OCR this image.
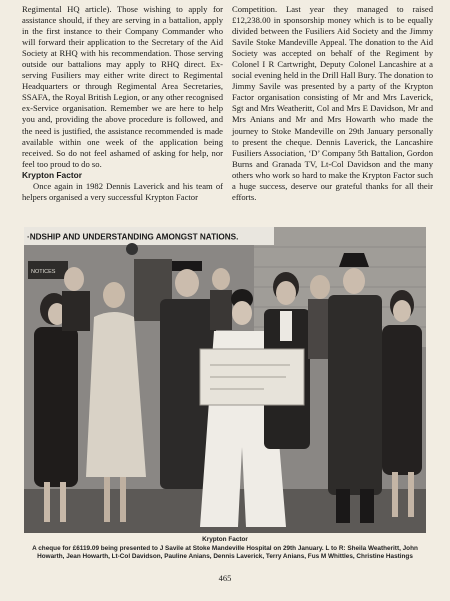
Regimental HQ article). Those wishing to apply for assistance should, if they are serving in a battalion, apply in the first instance to their Company Commander who will forward their application to the Secretary of the Aid Society at RHQ with his recommendation. Those serving outside our battalions may apply to RHQ direct. Ex-serving Fusiliers may either write direct to Regimental Headquarters or through Regimental Area Secretaries, SSAFA, the Royal British Legion, or any other recognised ex-Service organisation. Remember we are here to help you and, providing the above procedure is followed, and the need is justified, the assistance recommended is made available within one week of the application being received. So do not feel ashamed of asking for help, nor feel too proud to do so.

Krypton Factor

Once again in 1982 Dennis Laverick and his team of helpers organised a very successful Krypton Factor

Competition. Last year they managed to raised £12,238.00 in sponsorship money which is to be equally divided between the Fusiliers Aid Society and the Jimmy Savile Stoke Mandeville Appeal. The donation to the Aid Society was accepted on behalf of the Regiment by Colonel I R Cartwright, Deputy Colonel Lancashire at a social evening held in the Drill Hall Bury. The donation to Jimmy Savile was presented by a party of the Krypton Factor organisation consisting of Mr and Mrs Laverick, Sgt and Mrs Weatheritt, Col and Mrs E Davidson, Mr and Mrs Anians and Mr and Mrs Howarth who made the journey to Stoke Mandeville on 29th January personally to present the cheque. Dennis Laverick, the Lancashire Fusiliers Association, ‘D’ Company 5th Battalion, Gordon Burns and Granada TV, Lt-Col Davidson and the many others who work so hard to make the Krypton Factor such a huge success, deserve our grateful thanks for all their efforts.

·NDSHIP AND UNDERSTANDING AMONGST NATIONS.
NOTICES
Krypton Factor
A cheque for £6119.09 being presented to J Savile at Stoke Mandeville Hospital on 29th January. L to R: Sheila Weatheritt, John Howarth, Jean Howarth, Lt-Col Davidson, Pauline Anians, Dennis Laverick, Terry Anians, Fus M Whittles, Christine Hastings
465
